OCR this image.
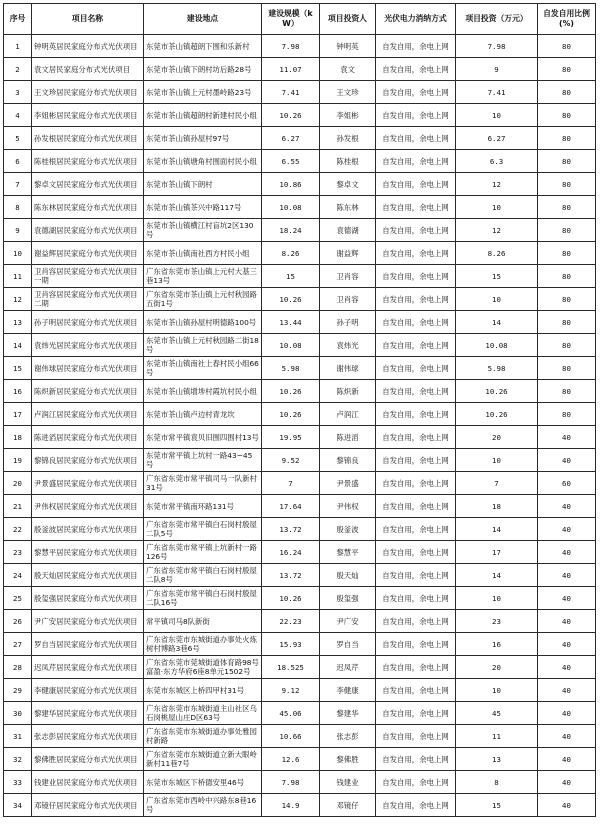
序号	项目名称	建设地点	建设规模（kW）	项目投资人	光伏电力消纳方式	项目投资（万元）	自发自用比例(%)
1	钟明英居民家庭分布式光伏项目	东莞市茶山镇超朗下围和乐新村	7.98	钟明英	自发自用，余电上网	7.98	80
2	袁文居民家庭分布式光伏项目	东莞市茶山镇下朗村坊后路28号	11.07	袁文	自发自用，余电上网	9	80
3	王文珍居民家庭分布式光伏项目	东莞市茶山镇上元村墨岭路23号	7.41	王文珍	自发自用，余电上网	7.41	80
4	李姐彬居民家庭分布式光伏项目	东莞市茶山镇超朗村新建村民小组	10.26	李姐彬	自发自用，余电上网	10	80
5	孙发根居民家庭分布式光伏项目	东莞市茶山镇孙屋村97号	6.27	孙发根	自发自用，余电上网	6.27	80
6	陈桂根居民家庭分布式光伏项目	东莞市茶山镇塘角村围面村民小组	6.55	陈桂根	自发自用，余电上网	6.3	80
7	黎卓文居民家庭分布式光伏项目	东莞市茶山镇下朗村	10.86	黎卓文	自发自用，余电上网	12	80
8	陈东林居民家庭分布式光伏项目	东莞市茶山镇茶兴中路117号	10.08	陈东林	自发自用，余电上网	10	80
9	袁德湖居民家庭分布式光伏项目	东莞市茶山镇横江村盲坑2区130号	18.24	袁德湖	自发自用，余电上网	12	80
10	谢益辉居民家庭分布式光伏项目	东莞市茶山镇南社西方村民小组	8.26	谢益辉	自发自用，余电上网	8.26	80
11	卫肖容居民家庭分布式光伏项目一期	广东省东莞市茶山镇上元村大基三巷13号	15	卫肖容	自发自用，余电上网	15	80
12	卫肖容居民家庭分布式光伏项目二期	广东省东莞市茶山镇上元村秋园路五街1号	10.26	卫肖容	自发自用，余电上网	10	80
13	孙子明居民家庭分布式光伏项目	东莞市茶山镇孙屋村明德路100号	13.44	孙子明	自发自用，余电上网	14	80
14	袁炜光居民家庭分布式光伏项目	东莞市茶山镇上元村秋园路二街18号	10.08	袁炜光	自发自用，余电上网	10.08	80
15	谢伟球居民家庭分布式光伏项目	东莞市茶山镇南社上春村民小组66号	5.98	谢伟球	自发自用，余电上网	5.98	80
16	陈炽新居民家庭分布式光伏项目	东莞市茶山镇增埗村霞坑村民小组	10.26	陈炽新	自发自用，余电上网	10.26	80
17	卢润江居民家庭分布式光伏项目	东莞市茶山镇卢边村青龙坎	10.26	卢润江	自发自用，余电上网	10.26	80
18	陈进滔居民家庭分布式光伏项目	东莞市常平镇袁贝旧围四围村13号	19.95	陈进滔	自发自用，余电上网	20	40
19	黎锦良居民家庭分布式光伏项目	东莞市常平镇上坑村一路43~45号	9.52	黎锦良	自发自用，余电上网	10	40
20	尹景盛居民家庭分布式光伏项目	广东省东莞市常平镇司马一队新村31号	7	尹景盛	自发自用，余电上网	7	60
21	尹伟权居民家庭分布式光伏项目	东莞市常平镇南环路131号	17.64	尹伟权	自发自用，余电上网	18	40
22	殷釜波居民家庭分布式光伏项目	广东省东莞市常平镇白石岗村殷屋二队5号	13.72	殷釜波	自发自用，余电上网	14	40
23	黎慧平居民家庭分布式光伏项目	广东省东莞市常平镇上坑新村一路126号	16.24	黎慧平	自发自用，余电上网	17	40
24	殷天灿居民家庭分布式光伏项目	广东省东莞市常平镇白石岗村殷屋二队8号	13.72	殷天灿	自发自用，余电上网	14	40
25	殷玺强居民家庭分布式光伏项目	广东省东莞市常平镇白石岗村殷屋二队16号	10.26	殷玺强	自发自用，余电上网	10	40
26	尹广安居民家庭分布式光伏项目	常平镇司马8队新街	22.23	尹广安	自发自用，余电上网	23	40
27	罗自当居民家庭分布式光伏项目	广东省东莞市东城街道办事处火炼树村博路3巷6号	15.93	罗自当	自发自用，余电上网	16	40
28	迟凤芹居民家庭分布式光伏项目	广东省东莞市莞城街道体育路98号富盈·东方华府6座8单元1502号	18.525	迟凤芹	自发自用，余电上网	20	40
29	李健康居民家庭分布式光伏项目	东莞市东城区上桥四甲村31号	9.12	李健康	自发自用，余电上网	10	40
30	黎建华居民家庭分布式光伏项目	广东省东莞市东城街道主山社区乌石岗桃屋山庄D区63号	45.06	黎建华	自发自用，余电上网	45	40
31	张志彭居民家庭分布式光伏项目	广东省东莞市东城街道办事处雅园村新路	10.66	张志彭	自发自用，余电上网	11	40
32	黎佛胜居民家庭分布式光伏项目	广东省东莞市东城街道立新大眼岭新村11巷7号	12.6	黎佛胜	自发自用，余电上网	13	40
33	钱建业居民家庭分布式光伏项目	东莞市东城区下桥德安里46号	7.98	钱建业	自发自用，余电上网	8	40
34	邓镜仔居民家庭分布式光伏项目	广东省东莞市西岭中兴路东8巷16号	14.9	邓镜仔	自发自用，余电上网	15	40
